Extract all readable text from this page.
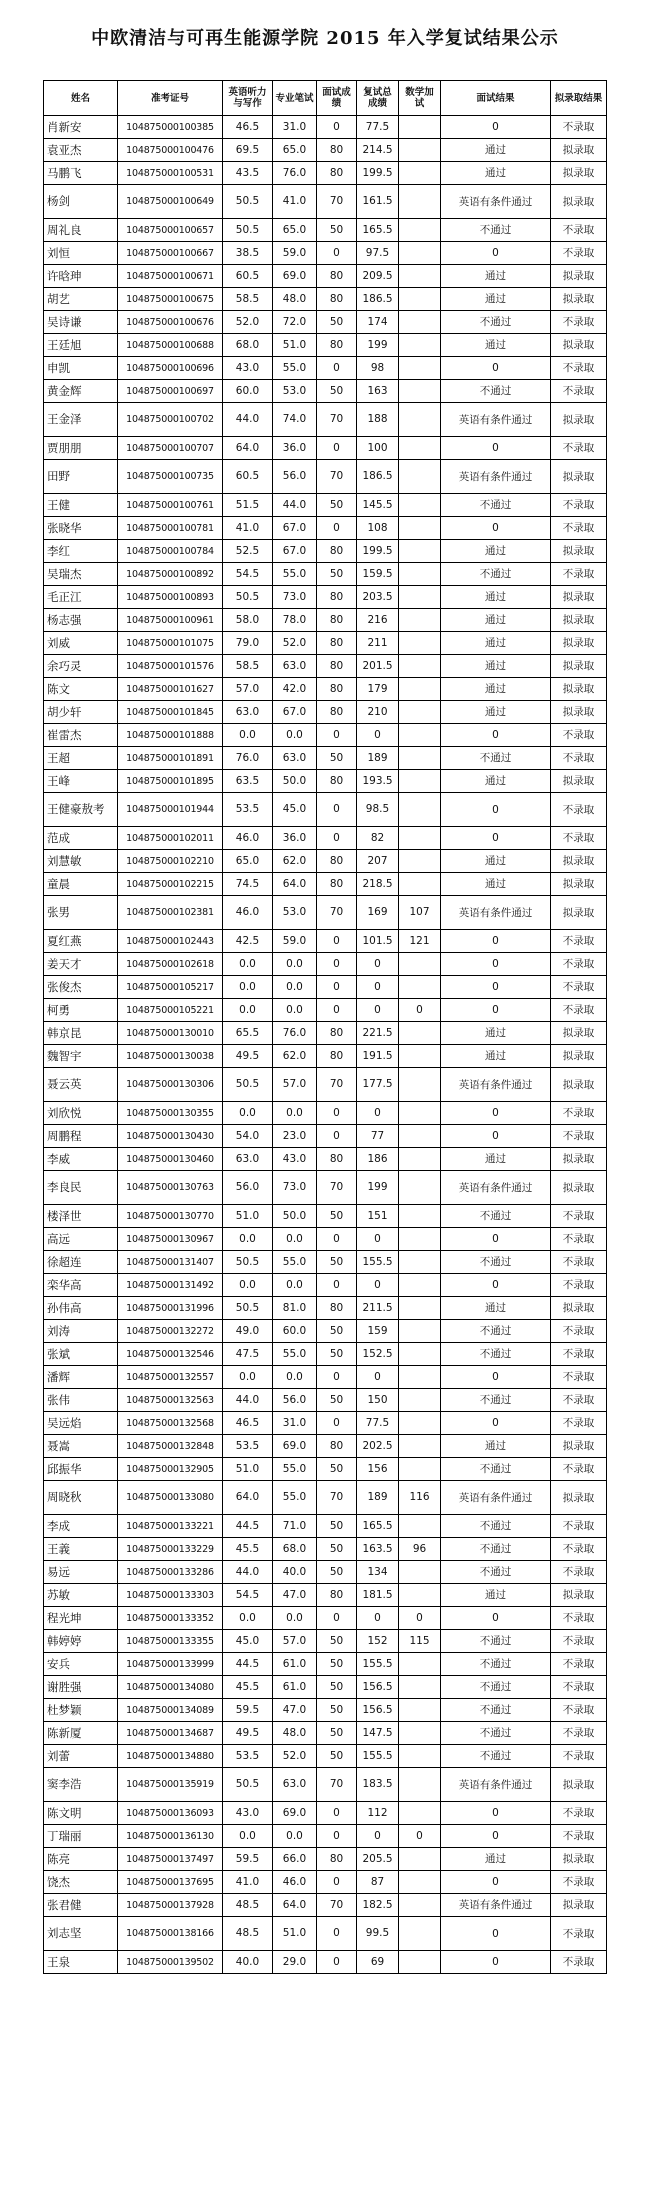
中欧清洁与可再生能源学院 2015 年入学复试结果公示
姓名	准考证号	英语听力与写作	专业笔试	面试成绩	复试总成绩	数学加试	面试结果	拟录取结果
肖新安	104875000100385	46.5	31.0	0	77.5		0	不录取
袁亚杰	104875000100476	69.5	65.0	80	214.5		通过	拟录取
马鹏飞	104875000100531	43.5	76.0	80	199.5		通过	拟录取
杨剑	104875000100649	50.5	41.0	70	161.5		英语有条件通过	拟录取
周礼良	104875000100657	50.5	65.0	50	165.5		不通过	不录取
刘恒	104875000100667	38.5	59.0	0	97.5		0	不录取
许晗珅	104875000100671	60.5	69.0	80	209.5		通过	拟录取
胡艺	104875000100675	58.5	48.0	80	186.5		通过	拟录取
吴诗谦	104875000100676	52.0	72.0	50	174		不通过	不录取
王廷旭	104875000100688	68.0	51.0	80	199		通过	拟录取
申凯	104875000100696	43.0	55.0	0	98		0	不录取
黄金辉	104875000100697	60.0	53.0	50	163		不通过	不录取
王金泽	104875000100702	44.0	74.0	70	188		英语有条件通过	拟录取
贾朋朋	104875000100707	64.0	36.0	0	100		0	不录取
田野	104875000100735	60.5	56.0	70	186.5		英语有条件通过	拟录取
王健	104875000100761	51.5	44.0	50	145.5		不通过	不录取
张晓华	104875000100781	41.0	67.0	0	108		0	不录取
李红	104875000100784	52.5	67.0	80	199.5		通过	拟录取
吴瑞杰	104875000100892	54.5	55.0	50	159.5		不通过	不录取
毛正江	104875000100893	50.5	73.0	80	203.5		通过	拟录取
杨志强	104875000100961	58.0	78.0	80	216		通过	拟录取
刘威	104875000101075	79.0	52.0	80	211		通过	拟录取
余巧灵	104875000101576	58.5	63.0	80	201.5		通过	拟录取
陈文	104875000101627	57.0	42.0	80	179		通过	拟录取
胡少轩	104875000101845	63.0	67.0	80	210		通过	拟录取
崔雷杰	104875000101888	0.0	0.0	0	0		0	不录取
王超	104875000101891	76.0	63.0	50	189		不通过	不录取
王峰	104875000101895	63.5	50.0	80	193.5		通过	拟录取
王健豪敖考	104875000101944	53.5	45.0	0	98.5		0	不录取
范成	104875000102011	46.0	36.0	0	82		0	不录取
刘慧敏	104875000102210	65.0	62.0	80	207		通过	拟录取
童晨	104875000102215	74.5	64.0	80	218.5		通过	拟录取
张男	104875000102381	46.0	53.0	70	169	107	英语有条件通过	拟录取
夏红燕	104875000102443	42.5	59.0	0	101.5	121	0	不录取
姜天才	104875000102618	0.0	0.0	0	0		0	不录取
张俊杰	104875000105217	0.0	0.0	0	0		0	不录取
柯勇	104875000105221	0.0	0.0	0	0	0	0	不录取
韩京昆	104875000130010	65.5	76.0	80	221.5		通过	拟录取
魏智宇	104875000130038	49.5	62.0	80	191.5		通过	拟录取
聂云英	104875000130306	50.5	57.0	70	177.5		英语有条件通过	拟录取
刘欣悦	104875000130355	0.0	0.0	0	0		0	不录取
周鹏程	104875000130430	54.0	23.0	0	77		0	不录取
李威	104875000130460	63.0	43.0	80	186		通过	拟录取
李良民	104875000130763	56.0	73.0	70	199		英语有条件通过	拟录取
楼泽世	104875000130770	51.0	50.0	50	151		不通过	不录取
高远	104875000130967	0.0	0.0	0	0		0	不录取
徐超连	104875000131407	50.5	55.0	50	155.5		不通过	不录取
栾华高	104875000131492	0.0	0.0	0	0		0	不录取
孙伟高	104875000131996	50.5	81.0	80	211.5		通过	拟录取
刘涛	104875000132272	49.0	60.0	50	159		不通过	不录取
张斌	104875000132546	47.5	55.0	50	152.5		不通过	不录取
潘辉	104875000132557	0.0	0.0	0	0		0	不录取
张伟	104875000132563	44.0	56.0	50	150		不通过	不录取
吴远焰	104875000132568	46.5	31.0	0	77.5		0	不录取
聂嵩	104875000132848	53.5	69.0	80	202.5		通过	拟录取
邱振华	104875000132905	51.0	55.0	50	156		不通过	不录取
周晓秋	104875000133080	64.0	55.0	70	189	116	英语有条件通过	拟录取
李成	104875000133221	44.5	71.0	50	165.5		不通过	不录取
王義	104875000133229	45.5	68.0	50	163.5	96	不通过	不录取
易远	104875000133286	44.0	40.0	50	134		不通过	不录取
苏敏	104875000133303	54.5	47.0	80	181.5		通过	拟录取
程光坤	104875000133352	0.0	0.0	0	0	0	0	不录取
韩婷婷	104875000133355	45.0	57.0	50	152	115	不通过	不录取
安兵	104875000133999	44.5	61.0	50	155.5		不通过	不录取
谢胜强	104875000134080	45.5	61.0	50	156.5		不通过	不录取
杜梦颖	104875000134089	59.5	47.0	50	156.5		不通过	不录取
陈新厦	104875000134687	49.5	48.0	50	147.5		不通过	不录取
刘蕾	104875000134880	53.5	52.0	50	155.5		不通过	不录取
窦李浩	104875000135919	50.5	63.0	70	183.5		英语有条件通过	拟录取
陈文明	104875000136093	43.0	69.0	0	112		0	不录取
丁瑞丽	104875000136130	0.0	0.0	0	0	0	0	不录取
陈亮	104875000137497	59.5	66.0	80	205.5		通过	拟录取
饶杰	104875000137695	41.0	46.0	0	87		0	不录取
张君健	104875000137928	48.5	64.0	70	182.5		英语有条件通过	拟录取
刘志坚	104875000138166	48.5	51.0	0	99.5		0	不录取
王泉	104875000139502	40.0	29.0	0	69		0	不录取
